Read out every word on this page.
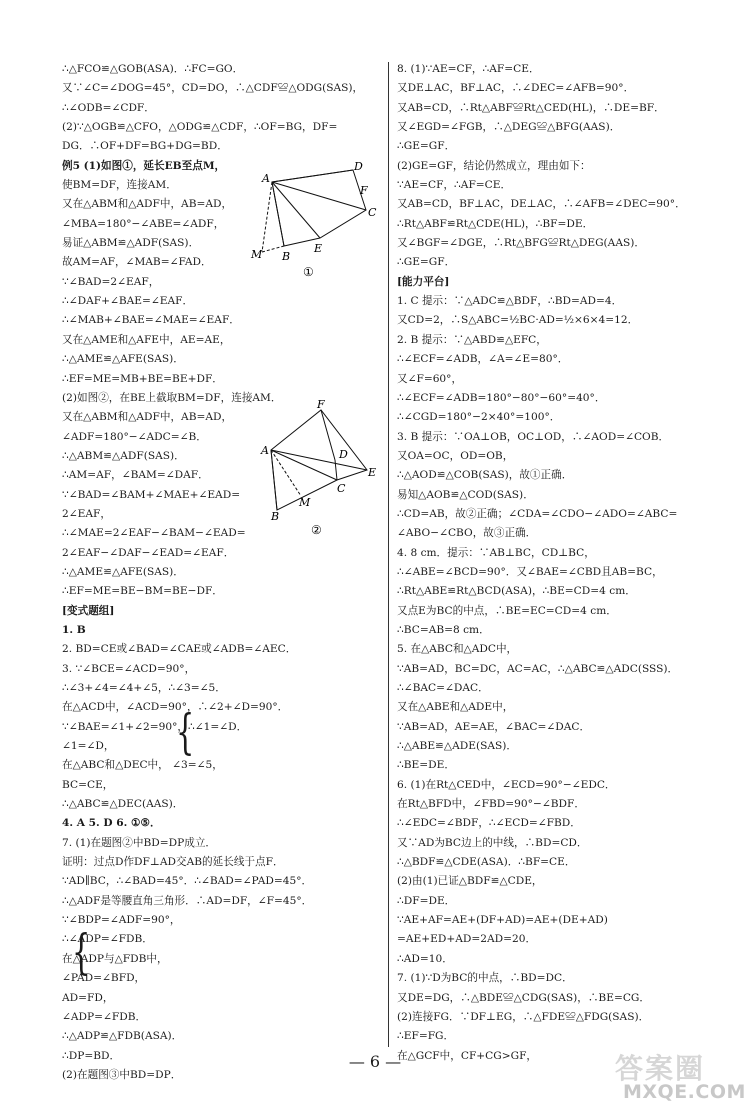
∴△FCO≌△GOB(ASA)．∴FC=GO．
又∵∠C=∠DOG=45°，CD=DO，∴△CDF≌△ODG(SAS)，
∴∠ODB=∠CDF．
(2)∵△OGB≌△CFO，△ODG≌△CDF，∴OF=BG，DF=
DG．∴OF+DF=BG+DG=BD．
例5 (1)如图①，延长EB至点M，
使BM=DF，连接AM．
又在△ABM和△ADF中，AB=AD，
∠MBA=180°−∠ABE=∠ADF，
易证△ABM≌△ADF(SAS)．
故AM=AF，∠MAB=∠FAD．
∵∠BAD=2∠EAF，
∴∠DAF+∠BAE=∠EAF．
∴∠MAB+∠BAE=∠MAE=∠EAF．
又在△AME和△AFE中，AE=AE，
∴△AME≌△AFE(SAS)．
∴EF=ME=MB+BE=BE+DF．
(2)如图②，在BE上截取BM=DF，连接AM．
又在△ABM和△ADF中，AB=AD，
∠ADF=180°−∠ADC=∠B．
∴△ABM≌△ADF(SAS)．
∴AM=AF，∠BAM=∠DAF．
∵∠BAD=∠BAM+∠MAE+∠EAD=
2∠EAF，
∴∠MAE=2∠EAF−∠BAM−∠EAD=
2∠EAF−∠DAF−∠EAD=∠EAF．
∴△AME≌△AFE(SAS)．
∴EF=ME=BE−BM=BE−DF．
[变式题组]
1. B
2. BD=CE或∠BAD=∠CAE或∠ADB=∠AEC．
3. ∵∠BCE=∠ACD=90°，
∴∠3+∠4=∠4+∠5，∴∠3=∠5．
在△ACD中，∠ACD=90°，∴∠2+∠D=90°．
∵∠BAE=∠1+∠2=90°，∴∠1=∠D．
∠1=∠D，
在△ABC和△DEC中， ∠3=∠5，
BC=CE，
∴△ABC≌△DEC(AAS)．
4. A 5. D 6. ①⑤．
7. (1)在题图②中BD=DP成立．
证明：过点D作DF⊥AD交AB的延长线于点F．
∵AD∥BC，∴∠BAD=45°．∴∠BAD=∠PAD=45°．
∴△ADF是等腰直角三角形．∴AD=DF，∠F=45°．
∵∠BDP=∠ADF=90°，
∴∠ADP=∠FDB．
在△ADP与△FDB中，
∠PAD=∠BFD，
AD=FD，
∠ADP=∠FDB．
∴△ADP≌△FDB(ASA)．
∴DP=BD．
(2)在题图③中BD=DP．
8. (1)∵AE=CF，∴AF=CE．
又DE⊥AC，BF⊥AC，∴∠DEC=∠AFB=90°．
又AB=CD，∴Rt△ABF≌Rt△CED(HL)，∴DE=BF．
又∠EGD=∠FGB，∴△DEG≌△BFG(AAS)．
∴GE=GF．
(2)GE=GF，结论仍然成立，理由如下：
∵AE=CF，∴AF=CE．
又AB=CD，BF⊥AC，DE⊥AC，∴∠AFB=∠DEC=90°．
∴Rt△ABF≌Rt△CDE(HL)，∴BF=DE．
又∠BGF=∠DGE，∴Rt△BFG≌Rt△DEG(AAS)．
∴GE=GF．
[能力平台]
1. C 提示：∵△ADC≌△BDF，∴BD=AD=4．
又CD=2，∴S△ABC=½BC·AD=½×6×4=12．
2. B 提示：∵△ABD≌△EFC，
∴∠ECF=∠ADB，∠A=∠E=80°．
又∠F=60°，
∴∠ECF=∠ADB=180°−80°−60°=40°．
∴∠CGD=180°−2×40°=100°．
3. B 提示：∵OA⊥OB，OC⊥OD，∴∠AOD=∠COB．
又OA=OC，OD=OB，
∴△AOD≌△COB(SAS)，故①正确．
易知△AOB≌△COD(SAS)．
∴CD=AB，故②正确；∠CDA=∠CDO−∠ADO=∠ABC=
∠ABO−∠CBO，故③正确．
4. 8 cm．提示：∵AB⊥BC，CD⊥BC，
∴∠ABE=∠BCD=90°．又∠BAE=∠CBD且AB=BC，
∴Rt△ABE≌Rt△BCD(ASA)，∴BE=CD=4 cm．
又点E为BC的中点，∴BE=EC=CD=4 cm．
∴BC=AB=8 cm．
5. 在△ABC和△ADC中，
∵AB=AD，BC=DC，AC=AC，∴△ABC≌△ADC(SSS)．
∴∠BAC=∠DAC．
又在△ABE和△ADE中，
∵AB=AD，AE=AE，∠BAC=∠DAC．
∴△ABE≌△ADE(SAS)．
∴BE=DE．
6. (1)在Rt△CED中，∠ECD=90°−∠EDC．
在Rt△BFD中，∠FBD=90°−∠BDF．
∴∠EDC=∠BDF，∴∠ECD=∠FBD．
又∵AD为BC边上的中线，∴BD=CD．
∴△BDF≌△CDE(ASA)．∴BF=CE．
(2)由(1)已证△BDF≌△CDE，
∴DF=DE．
∵AE+AF=AE+(DF+AD)=AE+(DE+AD)
=AE+ED+AD=2AD=20．
∴AD=10．
7. (1)∵D为BC的中点，∴BD=DC．
又DE=DG，∴△BDE≌△CDG(SAS)，∴BE=CG．
(2)连接FG．∵DF⊥EG，∴△FDE≌△FDG(SAS)．
∴EF=FG．
在△GCF中，CF+CG>GF，
A
D
F
C
E
B
M
①
F
A	D
E
C
M
B
②
{
{
— 6 —	答案圈
MXQE.COM
